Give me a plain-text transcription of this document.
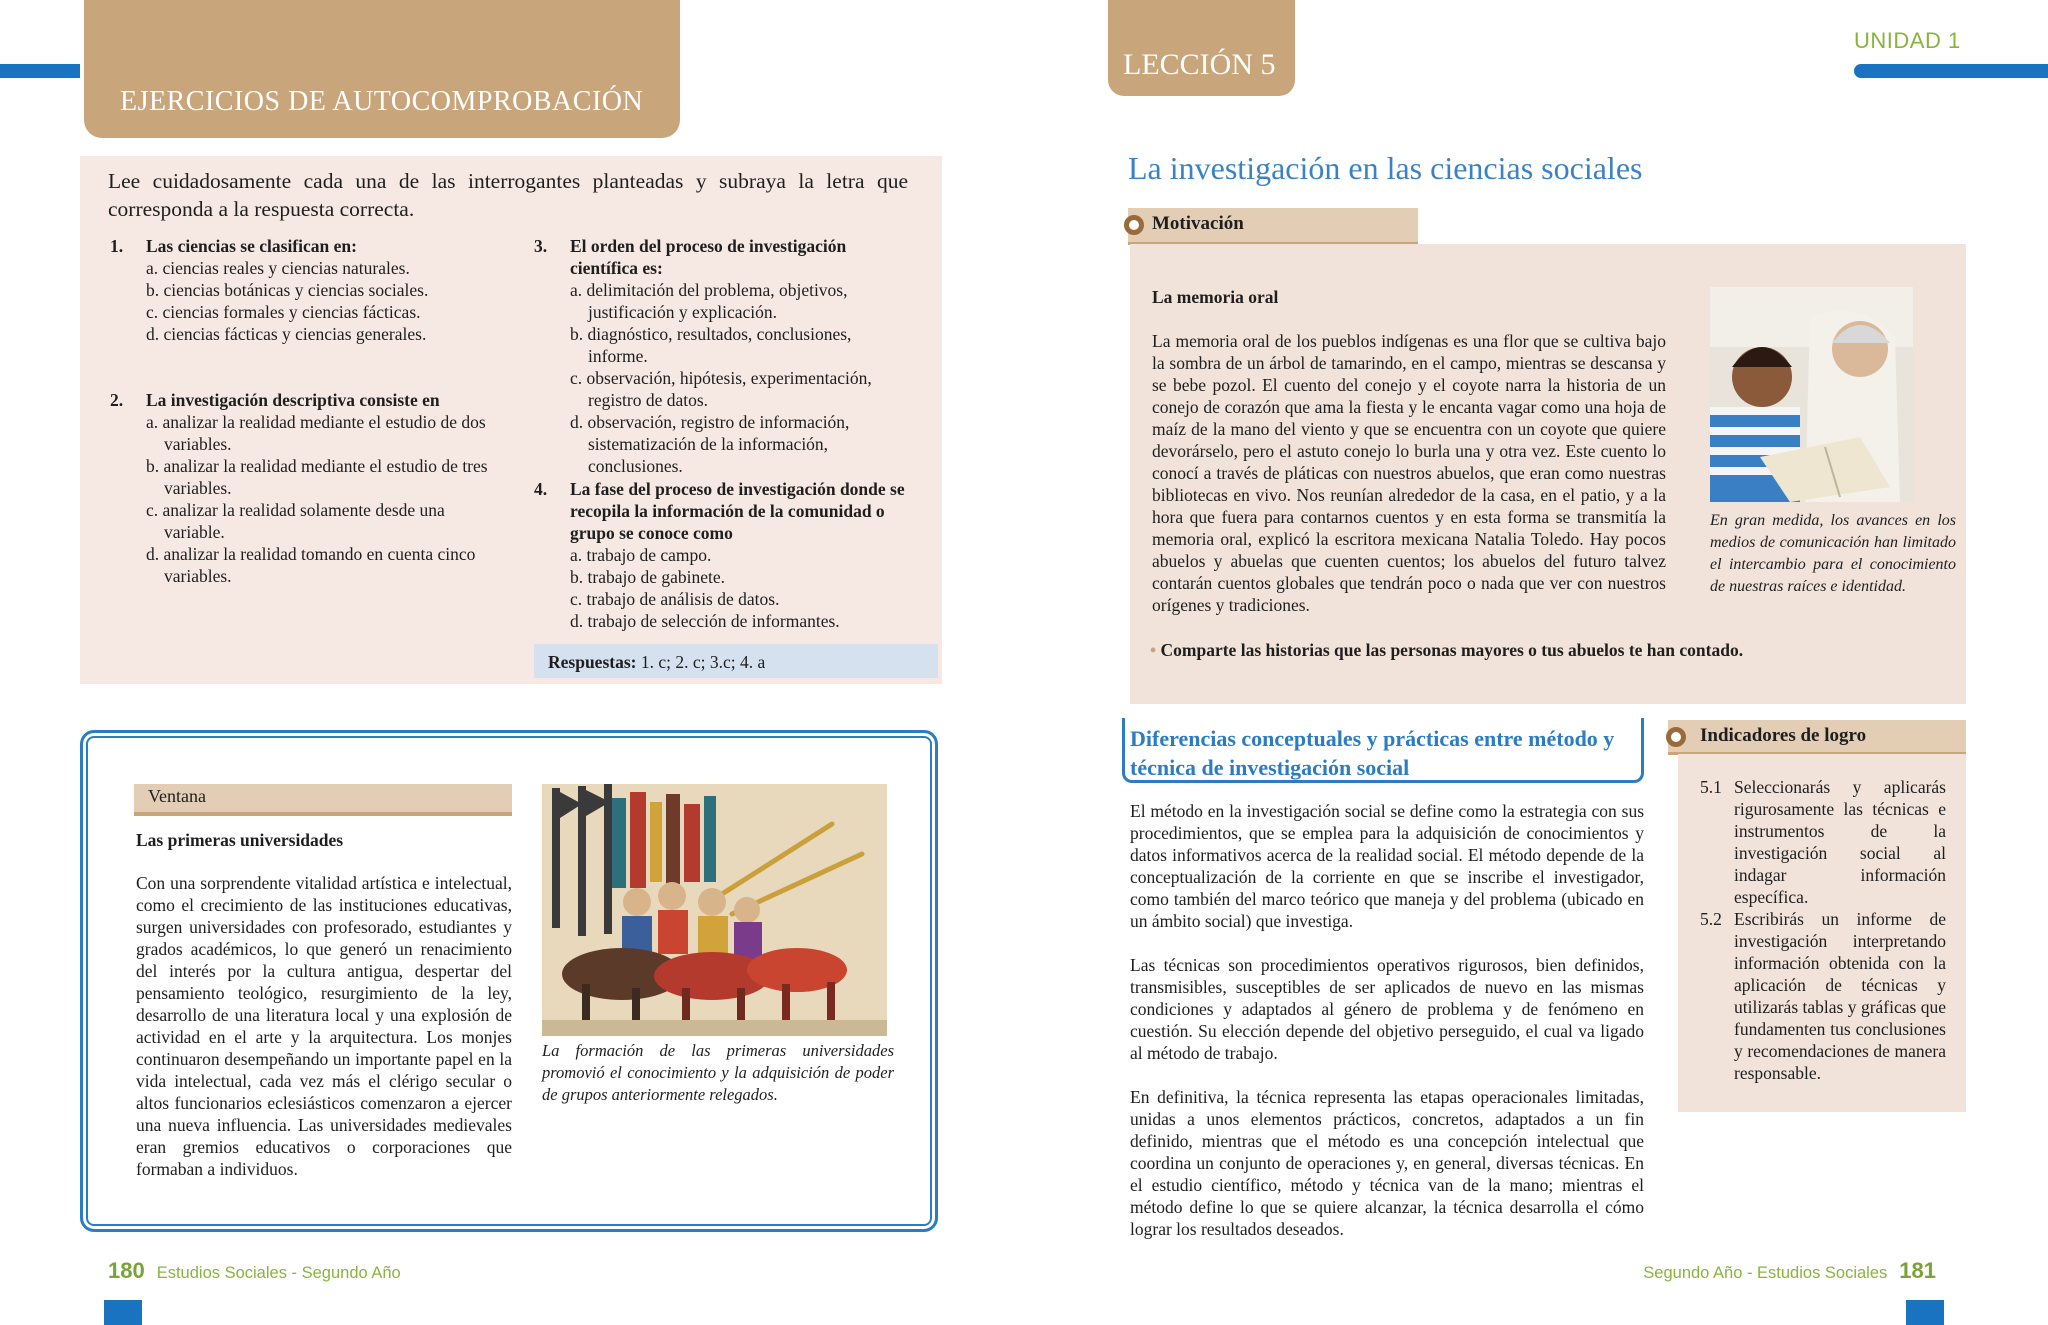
EJERCICIOS DE AUTOCOMPROBACIÓN
Lee cuidadosamente cada una de las interrogantes planteadas y subraya la letra que corresponda a la respuesta correcta.
1. Las ciencias se clasifican en:
a. ciencias reales y ciencias naturales.
b. ciencias botánicas y ciencias sociales.
c. ciencias formales y ciencias fácticas.
d. ciencias fácticas y ciencias generales.
2. La investigación descriptiva consiste en
a. analizar la realidad mediante el estudio de dos variables.
b. analizar la realidad mediante el estudio de tres variables.
c. analizar la realidad solamente desde una variable.
d. analizar la realidad tomando en cuenta cinco variables.
3. El orden del proceso de investigación científica es:
a. delimitación del problema, objetivos, justificación y explicación.
b. diagnóstico, resultados, conclusiones, informe.
c. observación, hipótesis, experimentación, registro de datos.
d. observación, registro de información, sistematización de la información, conclusiones.
4. La fase del proceso de investigación donde se recopila la información de la comunidad o grupo se conoce como
a. trabajo de campo.
b. trabajo de gabinete.
c. trabajo de análisis de datos.
d. trabajo de selección de informantes.
Respuestas: 1. c; 2. c; 3.c; 4. a
Ventana
Las primeras universidades
Con una sorprendente vitalidad artística e intelectual, como el crecimiento de las instituciones educativas, surgen universidades con profesorado, estudiantes y grados académicos, lo que generó un renacimiento del interés por la cultura antigua, despertar del pensamiento teológico, resurgimiento de la ley, desarrollo de una literatura local y una explosión de actividad en el arte y la arquitectura. Los monjes continuaron desempeñando un importante papel en la vida intelectual, cada vez más el clérigo secular o altos funcionarios eclesiásticos comenzaron a ejercer una nueva influencia. Las universidades medievales eran gremios educativos o corporaciones que formaban a individuos.
La formación de las primeras universidades promovió el conocimiento y la adquisición de poder de grupos anteriormente relegados.
180 Estudios Sociales - Segundo Año
LECCIÓN 5
UNIDAD 1
La investigación en las ciencias sociales
Motivación
La memoria oral
La memoria oral de los pueblos indígenas es una flor que se cultiva bajo la sombra de un árbol de tamarindo, en el campo, mientras se descansa y se bebe pozol. El cuento del conejo y el coyote narra la historia de un conejo de corazón que ama la fiesta y le encanta vagar como una hoja de maíz de la mano del viento y que se encuentra con un coyote que quiere devorárselo, pero el astuto conejo lo burla una y otra vez. Este cuento lo conocí a través de pláticas con nuestros abuelos, que eran como nuestras bibliotecas en vivo. Nos reunían alrededor de la casa, en el patio, y a la hora que fuera para contarnos cuentos y en esta forma se transmitía la memoria oral, explicó la escritora mexicana Natalia Toledo. Hay pocos abuelos y abuelas que cuenten cuentos; los abuelos del futuro talvez contarán cuentos globales que tendrán poco o nada que ver con nuestros orígenes y tradiciones.
En gran medida, los avances en los medios de comunicación han limitado el intercambio para el conocimiento de nuestras raíces e identidad.
• Comparte las historias que las personas mayores o tus abuelos te han contado.
Diferencias conceptuales y prácticas entre método y técnica de investigación social

El método en la investigación social se define como la estrategia con sus procedimientos, que se emplea para la adquisición de conocimientos y datos informativos acerca de la realidad social. El método depende de la conceptualización de la corriente en que se inscribe el investigador, como también del marco teórico que maneja y del problema (ubicado en un ámbito social) que investiga.

Las técnicas son procedimientos operativos rigurosos, bien definidos, transmisibles, susceptibles de ser aplicados de nuevo en las mismas condiciones y adaptados al género de problema y de fenómeno en cuestión. Su elección depende del objetivo perseguido, el cual va ligado al método de trabajo.

En definitiva, la técnica representa las etapas operacionales limitadas, unidas a unos elementos prácticos, concretos, adaptados a un fin definido, mientras que el método es una concepción intelectual que coordina un conjunto de operaciones y, en general, diversas técnicas. En el estudio científico, método y técnica van de la mano; mientras el método define lo que se quiere alcanzar, la técnica desarrolla el cómo lograr los resultados deseados.

Indicadores de logro
5.1 Seleccionarás y aplicarás rigurosamente las técnicas e instrumentos de la investigación social al indagar información específica.
5.2 Escribirás un informe de investigación interpretando información obtenida con la aplicación de técnicas y utilizarás tablas y gráficas que fundamenten tus conclusiones y recomendaciones de manera responsable.
Segundo Año - Estudios Sociales 181
